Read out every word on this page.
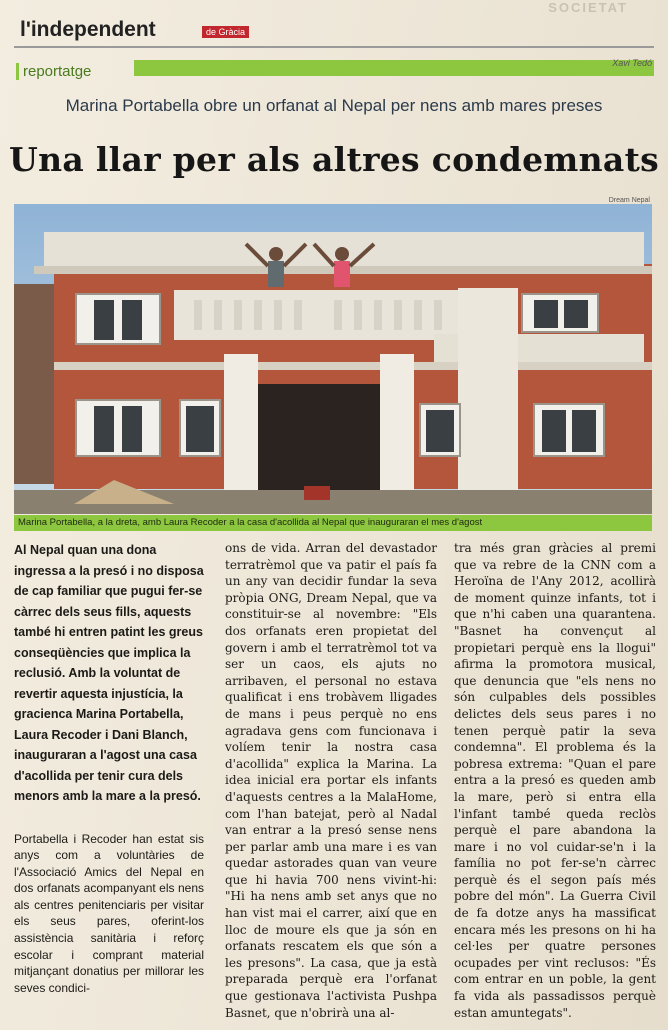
SOCIETAT
l'independent	de Gràcia
reportatge	Xavi Tedó
Marina Portabella obre un orfanat al Nepal per nens amb mares preses
Una llar per als altres condemnats
Dream Nepal
Marina Portabella, a la dreta, amb Laura Recoder a la casa d'acollida al Nepal que inauguraran el mes d'agost

Al Nepal quan una dona ingressa a la presó i no disposa de cap familiar que pugui fer-se càrrec dels seus fills, aquests també hi entren patint les greus conseqüències que implica la reclusió. Amb la voluntat de revertir aquesta injustícia, la gracienca Marina Portabella, Laura Recoder i Dani Blanch, inauguraran a l'agost una casa d'acollida per tenir cura dels menors amb la mare a la presó.

Portabella i Recoder han estat sis anys com a voluntàries de l'Associació Amics del Nepal en dos orfanats acompanyant els nens als centres penitenciaris per visitar els seus pares, oferint-los assistència sanitària i reforç escolar i comprant material mitjançant donatius per millorar les seves condici-

ons de vida. Arran del devastador terratrèmol que va patir el país fa un any van decidir fundar la seva pròpia ONG, Dream Nepal, que va constituir-se al novembre: "Els dos orfanats eren propietat del govern i amb el terratrèmol tot va ser un caos, els ajuts no arribaven, el personal no estava qualificat i ens trobàvem lligades de mans i peus perquè no ens agradava gens com funcionava i volíem tenir la nostra casa d'acollida" explica la Marina. La idea inicial era portar els infants d'aquests centres a la MalaHome, com l'han batejat, però al Nadal van entrar a la presó sense nens per parlar amb una mare i es van quedar astorades quan van veure que hi havia 700 nens vivint-hi: "Hi ha nens amb set anys que no han vist mai el carrer, així que en lloc de moure els que ja són en orfanats rescatem els que són a les presons". La casa, que ja està preparada perquè era l'orfanat que gestionava l'activista Pushpa Basnet, que n'obrirà una al-

tra més gran gràcies al premi que va rebre de la CNN com a Heroïna de l'Any 2012, acollirà de moment quinze infants, tot i que n'hi caben una quarantena. "Basnet ha convençut al propietari perquè ens la llogui" afirma la promotora musical, que denuncia que "els nens no són culpables dels possibles delictes dels seus pares i no tenen perquè patir la seva condemna". El problema és la pobresa extrema: "Quan el pare entra a la presó es queden amb la mare, però si entra ella l'infant també queda reclòs perquè el pare abandona la mare i no vol cuidar-se'n i la família no pot fer-se'n càrrec perquè és el segon país més pobre del món". La Guerra Civil de fa dotze anys ha massificat encara més les presons on hi ha cel·les per quatre persones ocupades per vint reclusos: "És com entrar en un poble, la gent fa vida als passadissos perquè estan amuntegats".
